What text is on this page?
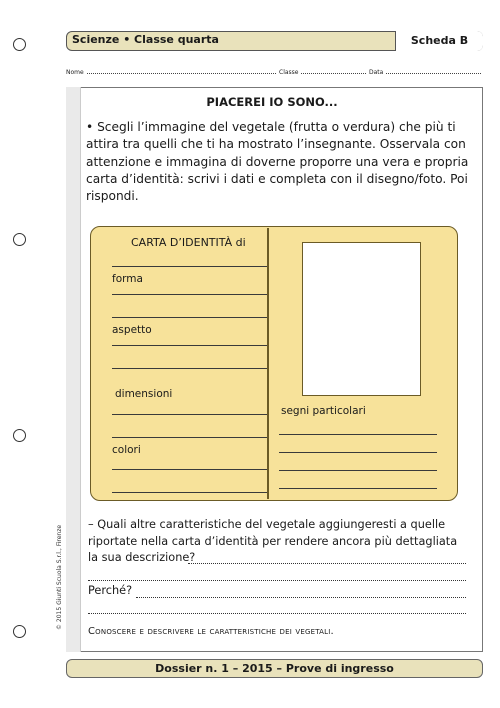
Scienze • Classe quarta	Scheda B
Nome	Classe	Data
PIACEREI IO SONO...
• Scegli l’immagine del vegetale (frutta o verdura) che più ti attira tra quelli che ti ha mostrato l’insegnante. Osservala con attenzione e immagina di doverne proporre una vera e propria carta d’identità: scrivi i dati e completa con il disegno/foto. Poi rispondi.
CARTA D’IDENTITÀ di
forma
aspetto
dimensioni
colori
segni particolari
– Quali altre caratteristiche del vegetale aggiungeresti a quelle riportate nella carta d’identità per rendere ancora più dettagliata la sua descrizione?
Perché?
Conoscere e descrivere le caratteristiche dei vegetali.
Dossier n. 1 – 2015 – Prove di ingresso
© 2015 Giunti Scuola S.r.l., Firenze
